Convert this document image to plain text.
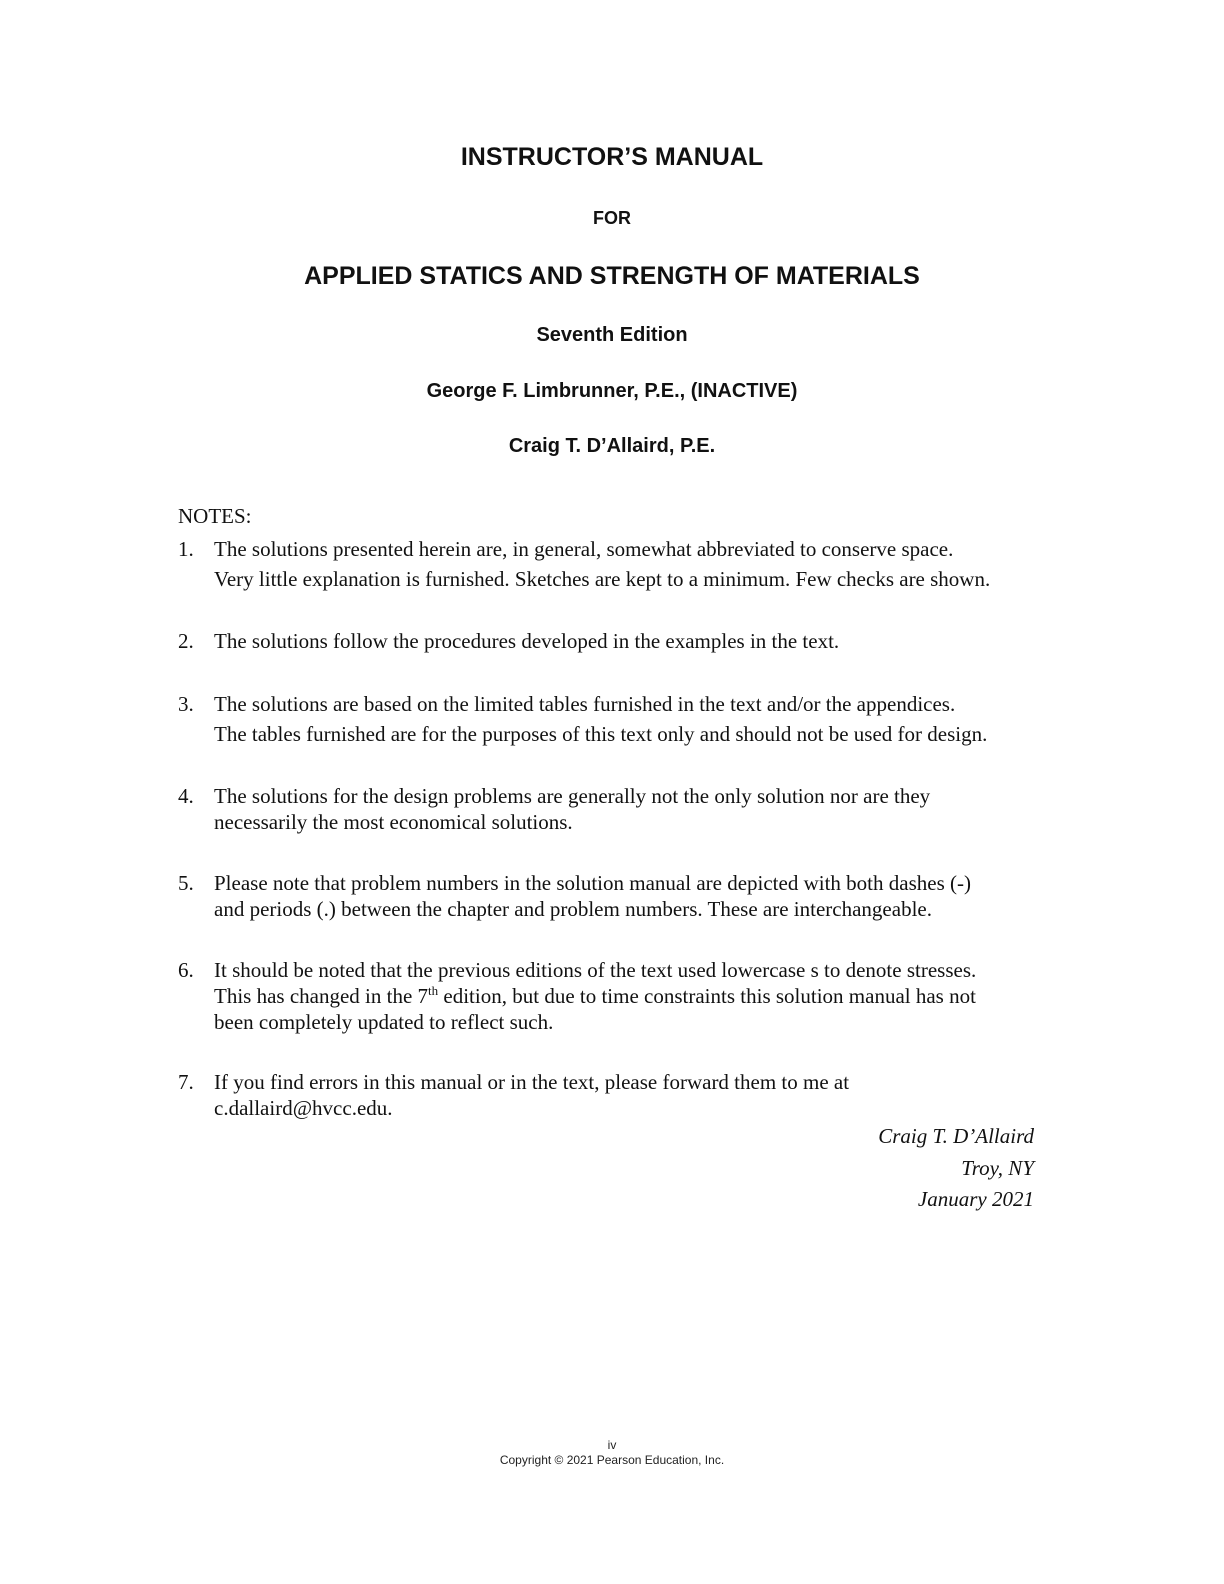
INSTRUCTOR’S MANUAL
FOR
APPLIED STATICS AND STRENGTH OF MATERIALS
Seventh Edition
George F. Limbrunner, P.E., (INACTIVE)
Craig T. D’Allaird, P.E.
NOTES:
1. The solutions presented herein are, in general, somewhat abbreviated to conserve space.
Very little explanation is furnished. Sketches are kept to a minimum. Few checks are shown.
2. The solutions follow the procedures developed in the examples in the text.
3. The solutions are based on the limited tables furnished in the text and/or the appendices.
The tables furnished are for the purposes of this text only and should not be used for design.
4. The solutions for the design problems are generally not the only solution nor are they
necessarily the most economical solutions.
5. Please note that problem numbers in the solution manual are depicted with both dashes (-)
and periods (.) between the chapter and problem numbers. These are interchangeable.
6. It should be noted that the previous editions of the text used lowercase s to denote stresses.
This has changed in the 7th edition, but due to time constraints this solution manual has not
been completely updated to reflect such.
7. If you find errors in this manual or in the text, please forward them to me at
c.dallaird@hvcc.edu.
Craig T. D’Allaird
Troy, NY
January 2021
iv
Copyright © 2021 Pearson Education, Inc.
